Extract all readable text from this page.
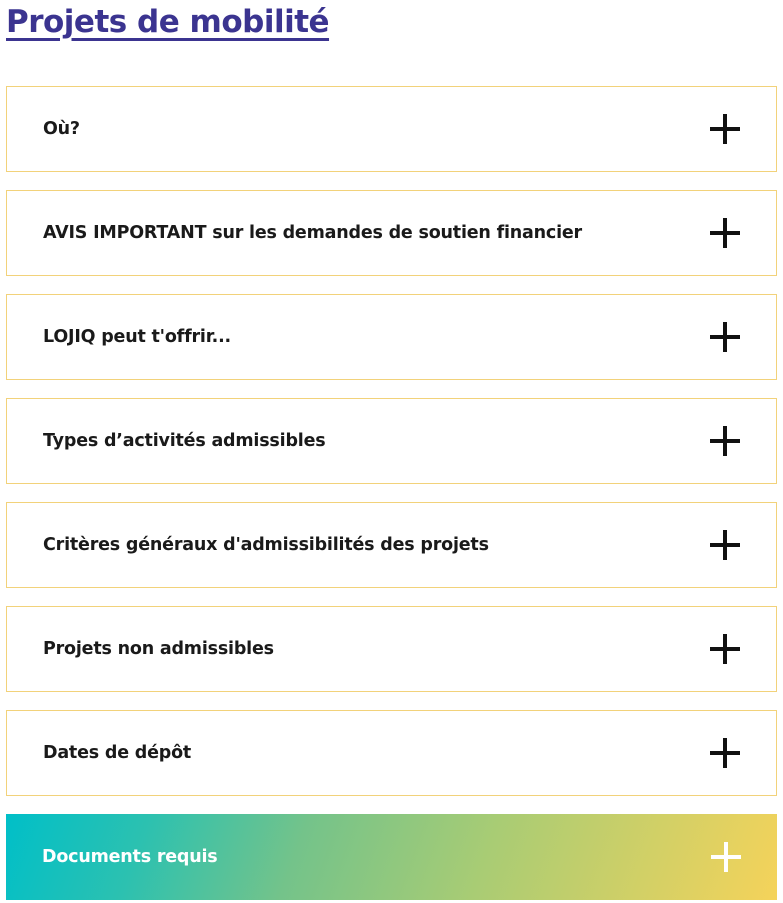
Projets de mobilité
Où?
AVIS IMPORTANT sur les demandes de soutien financier
LOJIQ peut t'offrir...
Types d’activités admissibles
Critères généraux d'admissibilités des projets
Projets non admissibles
Dates de dépôt
Documents requis
